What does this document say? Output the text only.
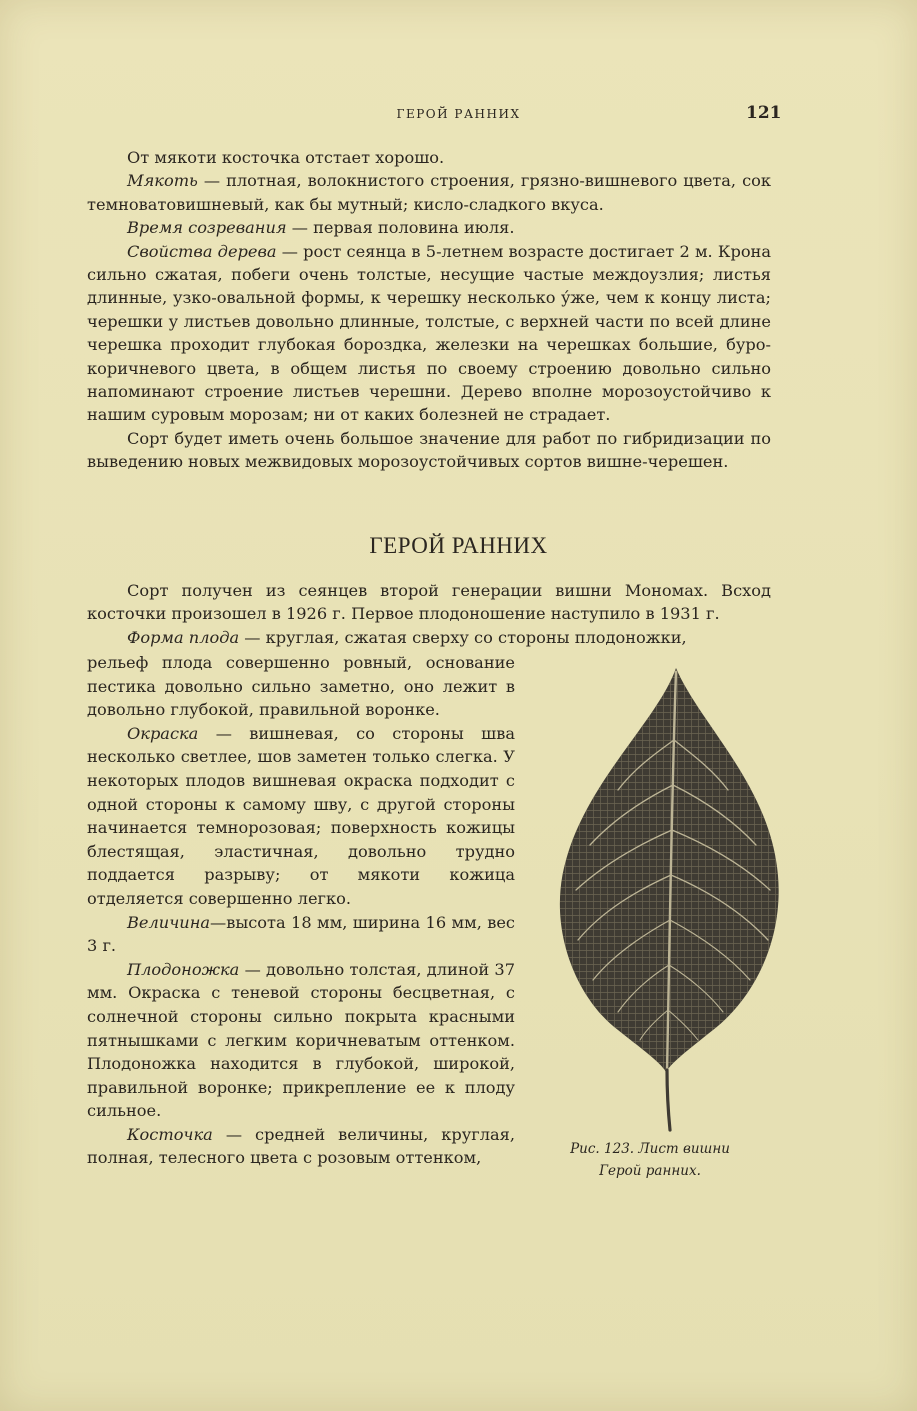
ГЕРОЙ РАННИХ	121

От мякоти косточка отстает хорошо.

Мякоть — плотная, волокнистого строения, грязно-вишневого цвета, сок темноватовишневый, как бы мутный; кисло-сладкого вкуса.

Время созревания — первая половина июля.

Свойства дерева — рост сеянца в 5-летнем возрасте достигает 2 м. Крона сильно сжатая, побеги очень толстые, несущие частые междоузлия; листья длинные, узко-овальной формы, к черешку несколько ýже, чем к концу листа; черешки у листьев довольно длинные, толстые, с верхней части по всей длине черешка проходит глубокая бороздка, железки на черешках большие, буро-коричневого цвета, в общем листья по своему строению довольно сильно напоминают строение листьев черешни. Дерево вполне морозоустойчиво к нашим суровым морозам; ни от каких болезней не страдает.

Сорт будет иметь очень большое значение для работ по гибридизации по выведению новых межвидовых морозоустойчивых сортов вишне-черешен.

ГЕРОЙ РАННИХ

Сорт получен из сеянцев второй генерации вишни Мономах. Всход косточки произошел в 1926 г. Первое плодоношение наступило в 1931 г.

Форма плода — круглая, сжатая сверху со стороны плодоножки,

рельеф плода совершенно ровный, основание пестика довольно сильно заметно, оно лежит в довольно глубокой, правильной воронке.

Окраска — вишневая, со стороны шва несколько светлее, шов заметен только слегка. У некоторых плодов вишневая окраска подходит с одной стороны к самому шву, с другой стороны начинается темнорозовая; поверхность кожицы блестящая, эластичная, довольно трудно поддается разрыву; от мякоти кожица отделяется совершенно легко.

Величина—высота 18 мм, ширина 16 мм, вес 3 г.

Плодоножка — довольно толстая, длиной 37 мм. Окраска с теневой стороны бесцветная, с солнечной стороны сильно покрыта красными пятнышками с легким коричневатым оттенком. Плодоножка находится в глубокой, широкой, правильной воронке; прикрепление ее к плоду сильное.

Косточка — средней величины, круглая, полная, телесного цвета с розовым оттенком,	Рис. 123. Лист вишни
Герой ранних.
